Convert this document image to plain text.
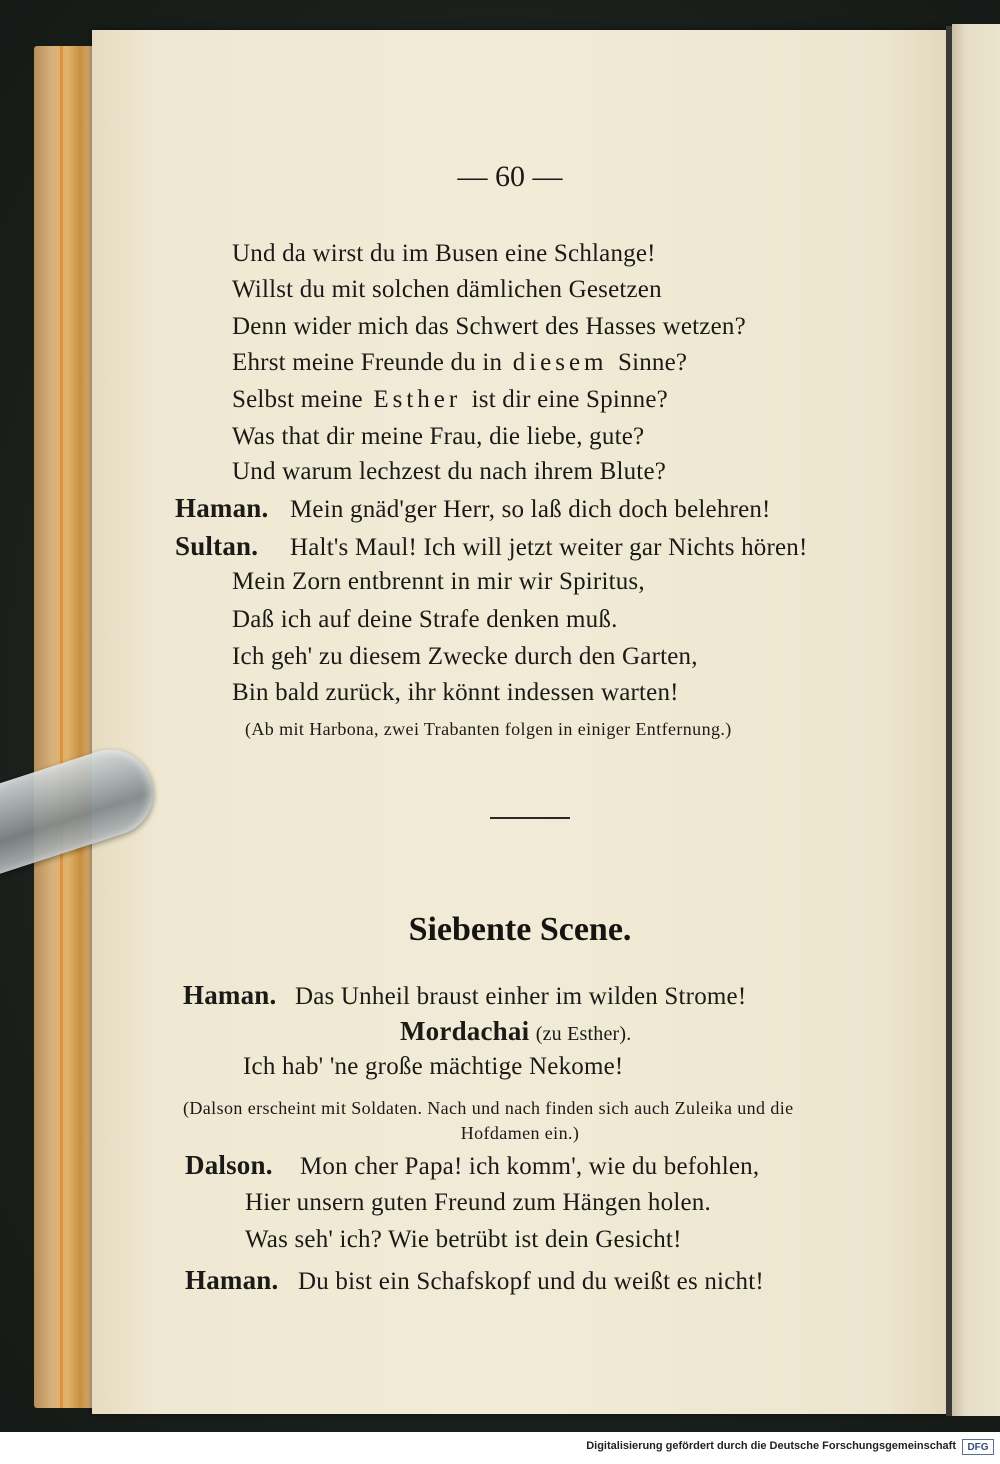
— 60 —
Und da wirst du im Busen eine Schlange!
Willst du mit solchen dämlichen Gesetzen
Denn wider mich das Schwert des Hasses wetzen?
Ehrst meine Freunde du in diesem Sinne?
Selbst meine Esther ist dir eine Spinne?
Was that dir meine Frau, die liebe, gute?
Und warum lechzest du nach ihrem Blute?
Haman. Mein gnäd'ger Herr, so laß dich doch belehren!
Sultan. Halt's Maul! Ich will jetzt weiter gar Nichts hören!
Mein Zorn entbrennt in mir wir Spiritus,
Daß ich auf deine Strafe denken muß.
Ich geh' zu diesem Zwecke durch den Garten,
Bin bald zurück, ihr könnt indessen warten!
(Ab mit Harbona, zwei Trabanten folgen in einiger Entfernung.)
Siebente Scene.
Haman. Das Unheil braust einher im wilden Strome!
Mordachai (zu Esther).
Ich hab' 'ne große mächtige Nekome!
(Dalson erscheint mit Soldaten. Nach und nach finden sich auch Zuleika und die
Hofdamen ein.)
Dalson. Mon cher Papa! ich komm', wie du befohlen,
Hier unsern guten Freund zum Hängen holen.
Was seh' ich? Wie betrübt ist dein Gesicht!
Haman. Du bist ein Schafskopf und du weißt es nicht!
Digitalisierung gefördert durch die Deutsche Forschungsgemeinschaft	DFG
